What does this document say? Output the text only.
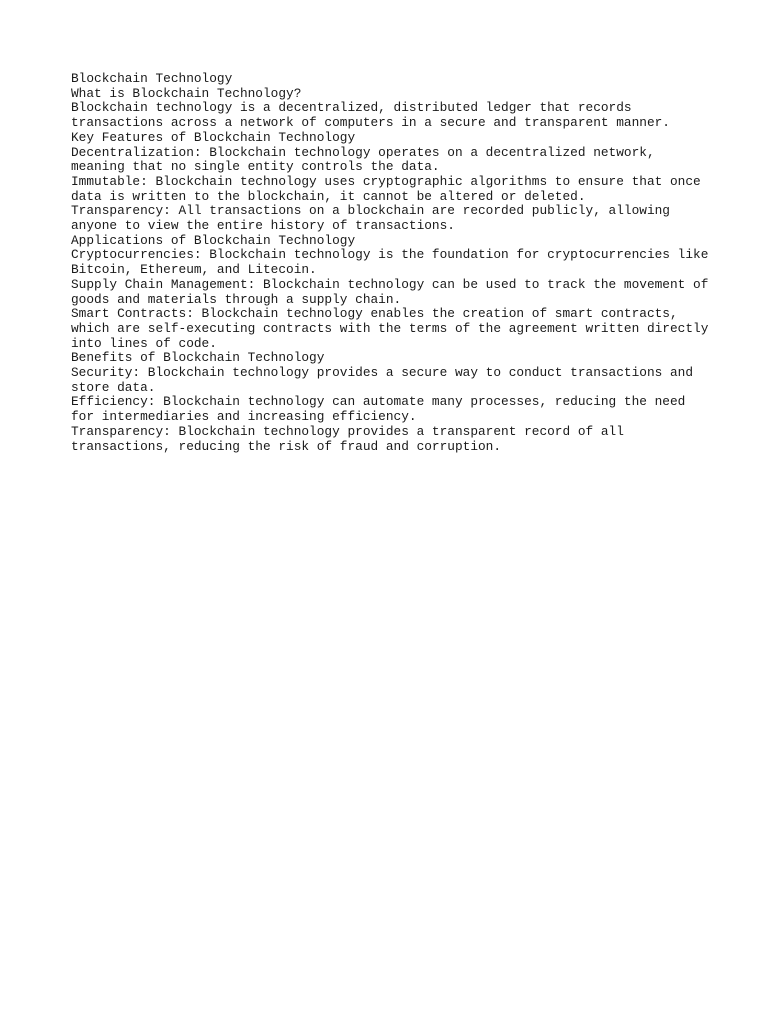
Blockchain Technology

What is Blockchain Technology?

Blockchain technology is a decentralized, distributed ledger that records

transactions across a network of computers in a secure and transparent manner.

Key Features of Blockchain Technology

Decentralization: Blockchain technology operates on a decentralized network,

meaning that no single entity controls the data.

Immutable: Blockchain technology uses cryptographic algorithms to ensure that once

data is written to the blockchain, it cannot be altered or deleted.

Transparency: All transactions on a blockchain are recorded publicly, allowing

anyone to view the entire history of transactions.

Applications of Blockchain Technology

Cryptocurrencies: Blockchain technology is the foundation for cryptocurrencies like

Bitcoin, Ethereum, and Litecoin.

Supply Chain Management: Blockchain technology can be used to track the movement of

goods and materials through a supply chain.

Smart Contracts: Blockchain technology enables the creation of smart contracts,

which are self-executing contracts with the terms of the agreement written directly

into lines of code.

Benefits of Blockchain Technology

Security: Blockchain technology provides a secure way to conduct transactions and

store data.

Efficiency: Blockchain technology can automate many processes, reducing the need

for intermediaries and increasing efficiency.

Transparency: Blockchain technology provides a transparent record of all

transactions, reducing the risk of fraud and corruption.
